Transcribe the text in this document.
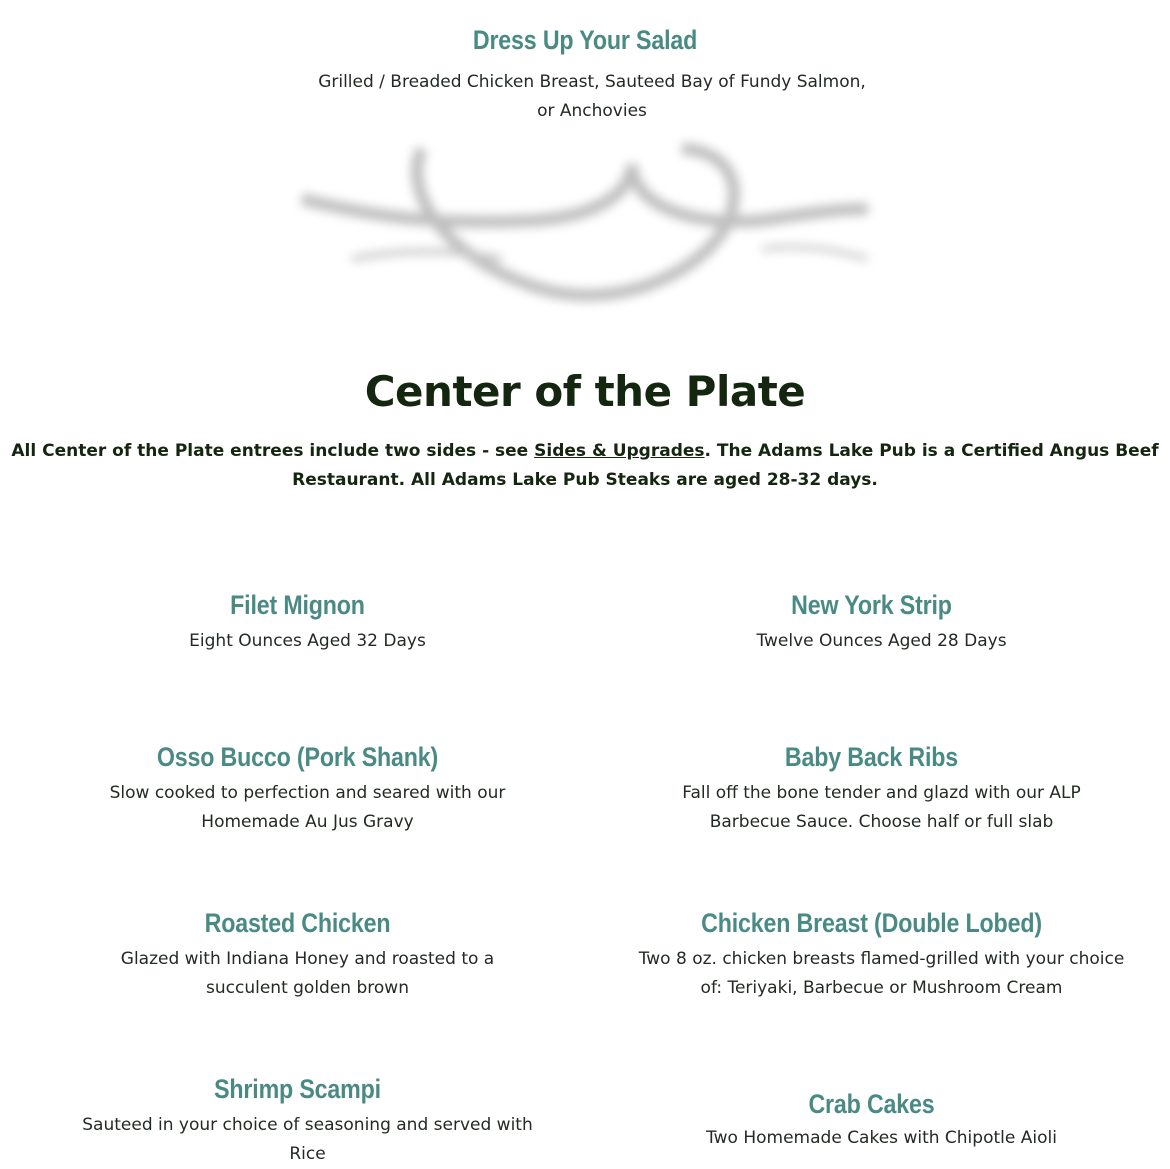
Dress Up Your Salad

Grilled / Breaded Chicken Breast, Sauteed Bay of Fundy Salmon, or Anchovies

Center of the Plate
All Center of the Plate entrees include two sides - see Sides & Upgrades. The Adams Lake Pub is a Certified Angus Beef Restaurant. All Adams Lake Pub Steaks are aged 28-32 days.
Filet Mignon

Eight Ounces Aged 32 Days

New York Strip

Twelve Ounces Aged 28 Days

Osso Bucco (Pork Shank)

Slow cooked to perfection and seared with our Homemade Au Jus Gravy

Baby Back Ribs

Fall off the bone tender and glazd with our ALP Barbecue Sauce. Choose half or full slab

Roasted Chicken

Glazed with Indiana Honey and roasted to a succulent golden brown

Chicken Breast (Double Lobed)

Two 8 oz. chicken breasts flamed-grilled with your choice of: Teriyaki, Barbecue or Mushroom Cream

Shrimp Scampi

Sauteed in your choice of seasoning and served with Rice

Crab Cakes

Two Homemade Cakes with Chipotle Aioli
